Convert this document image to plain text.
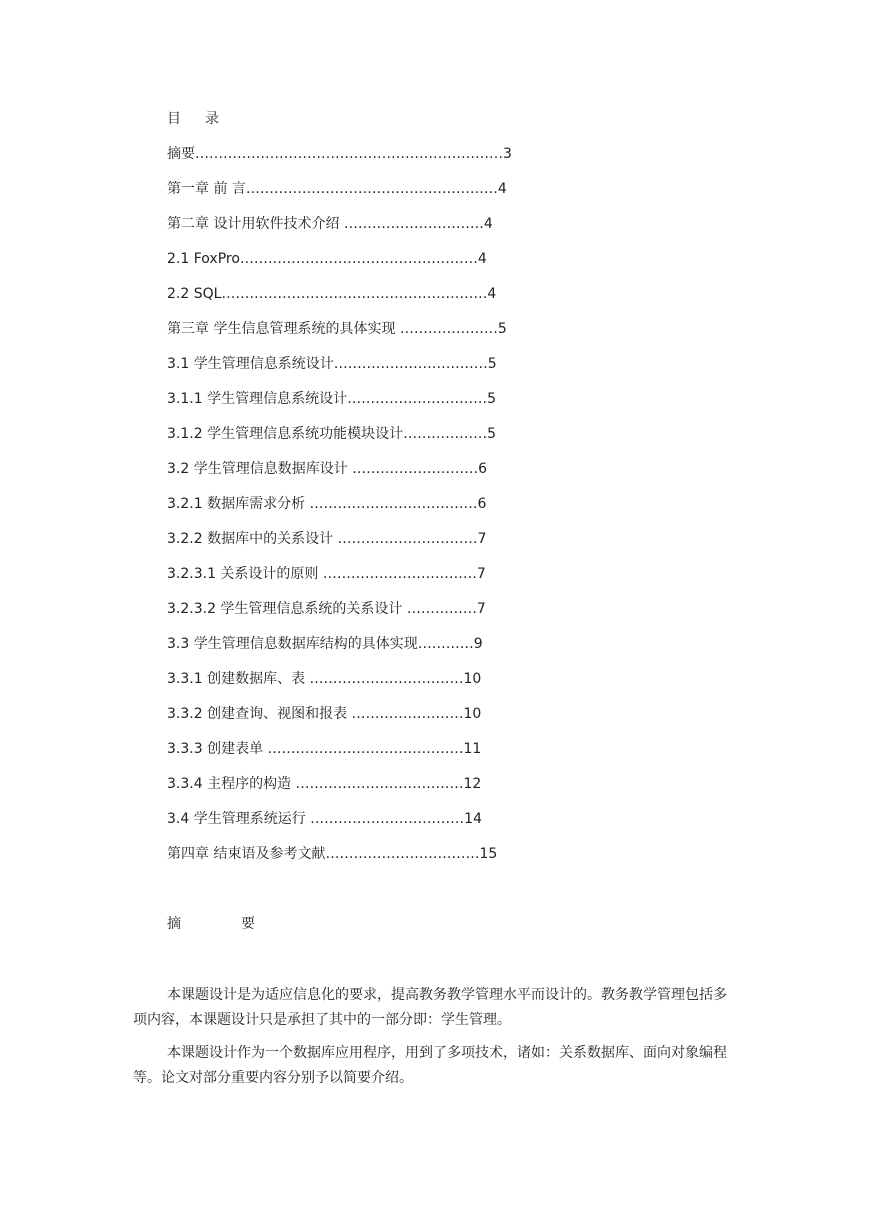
目 录
摘要…………………………………………………………3
第一章 前 言………………………………………………4
第二章 设计用软件技术介绍 …………………………4
2.1 FoxPro……………………………………………4
2.2 SQL…………………………………………………4
第三章 学生信息管理系统的具体实现 …………………5
3.1 学生管理信息系统设计……………………………5
3.1.1 学生管理信息系统设计…………………………5
3.1.2 学生管理信息系统功能模块设计………………5
3.2 学生管理信息数据库设计 ………………………6
3.2.1 数据库需求分析 ………………………………6
3.2.2 数据库中的关系设计 …………………………7
3.2.3.1 关系设计的原则 ……………………………7
3.2.3.2 学生管理信息系统的关系设计 ……………7
3.3 学生管理信息数据库结构的具体实现…………9
3.3.1 创建数据库、表 ……………………………10
3.3.2 创建查询、视图和报表 ……………………10
3.3.3 创建表单 ……………………………………11
3.3.4 主程序的构造 ………………………………12
3.4 学生管理系统运行 ……………………………14
第四章 结束语及参考文献……………………………15
摘	要

本课题设计是为适应信息化的要求，提高教务教学管理水平而设计的。教务教学管理包括多项内容，本课题设计只是承担了其中的一部分即：学生管理。

本课题设计作为一个数据库应用程序，用到了多项技术，诸如：关系数据库、面向对象编程等。论文对部分重要内容分别予以简要介绍。
